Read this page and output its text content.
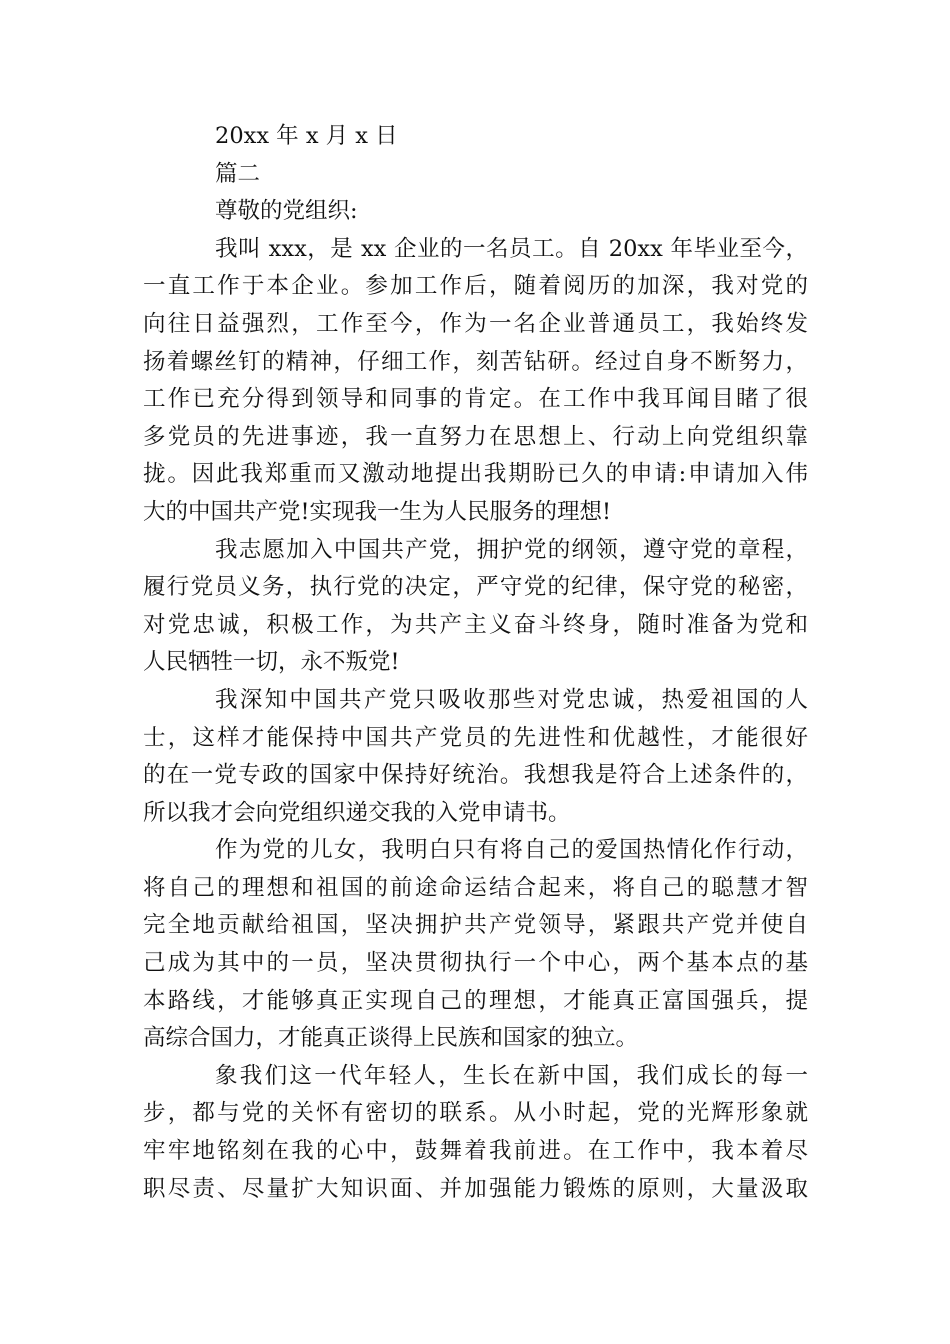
20xx 年 x 月 x 日
篇二
尊敬的党组织:
我叫 xxx，是 xx 企业的一名员工。自 20xx 年毕业至今，
一直工作于本企业。参加工作后，随着阅历的加深，我对党的
向往日益强烈，工作至今，作为一名企业普通员工，我始终发
扬着螺丝钉的精神，仔细工作，刻苦钻研。经过自身不断努力，
工作已充分得到领导和同事的肯定。在工作中我耳闻目睹了很
多党员的先进事迹，我一直努力在思想上、行动上向党组织靠
拢。因此我郑重而又激动地提出我期盼已久的申请:申请加入伟
大的中国共产党!实现我一生为人民服务的理想!
我志愿加入中国共产党，拥护党的纲领，遵守党的章程，
履行党员义务，执行党的决定，严守党的纪律，保守党的秘密，
对党忠诚，积极工作，为共产主义奋斗终身，随时准备为党和
人民牺牲一切，永不叛党!
我深知中国共产党只吸收那些对党忠诚，热爱祖国的人
士，这样才能保持中国共产党员的先进性和优越性，才能很好
的在一党专政的国家中保持好统治。我想我是符合上述条件的，
所以我才会向党组织递交我的入党申请书。
作为党的儿女，我明白只有将自己的爱国热情化作行动，
将自己的理想和祖国的前途命运结合起来，将自己的聪慧才智
完全地贡献给祖国，坚决拥护共产党领导，紧跟共产党并使自
己成为其中的一员，坚决贯彻执行一个中心，两个基本点的基
本路线，才能够真正实现自己的理想，才能真正富国强兵，提
高综合国力，才能真正谈得上民族和国家的独立。
象我们这一代年轻人，生长在新中国，我们成长的每一
步，都与党的关怀有密切的联系。从小时起，党的光辉形象就
牢牢地铭刻在我的心中，鼓舞着我前进。在工作中，我本着尽
职尽责、尽量扩大知识面、并加强能力锻炼的原则，大量汲取
